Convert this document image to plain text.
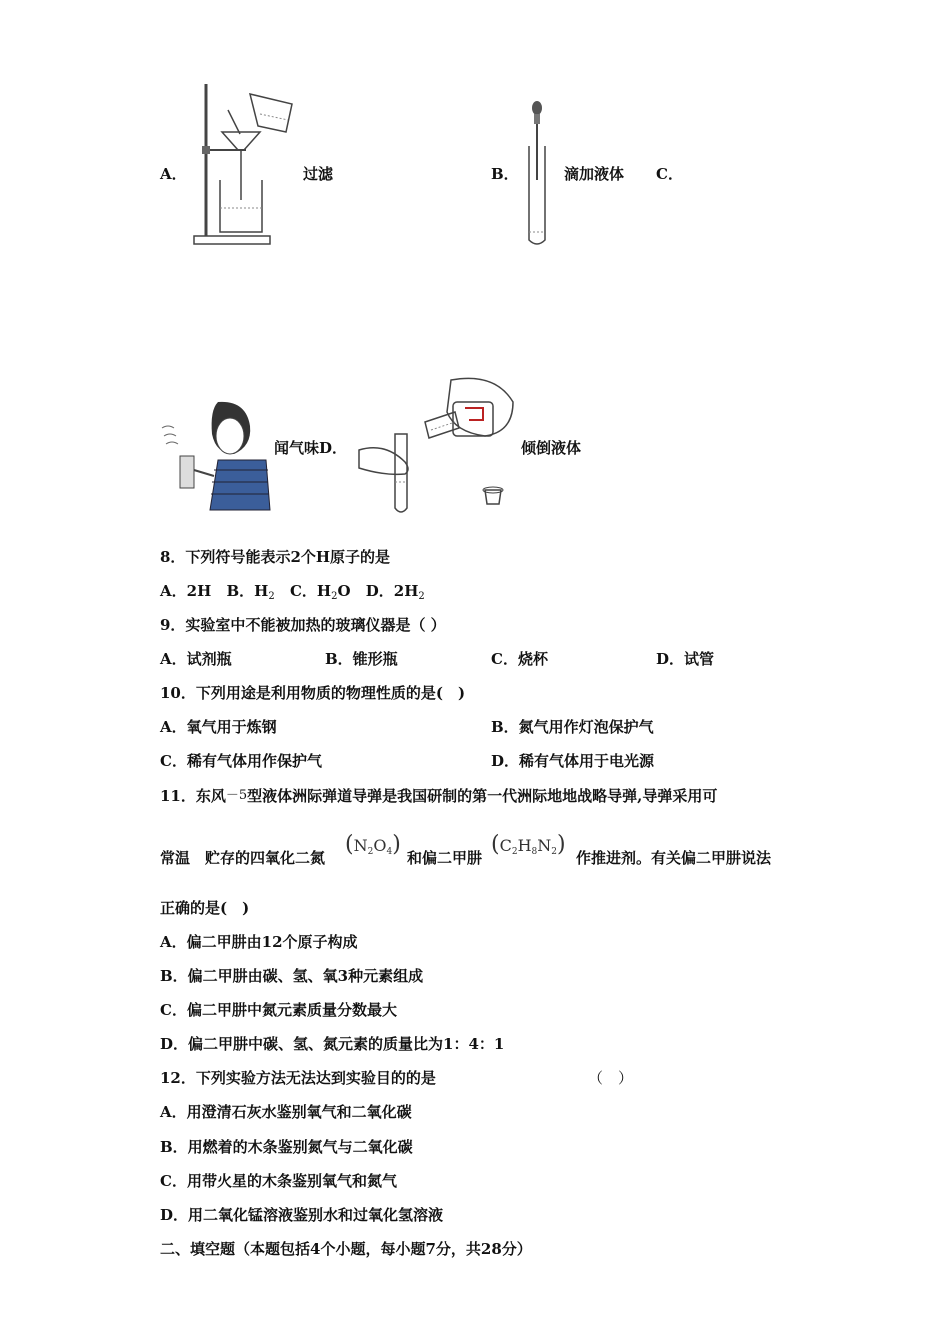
A．	过滤	B．	滴加液体 C．
闻气味D．	倾倒液体
8．下列符号能表示2个H原子的是
A．2H B．$H_2$ C．$H_2O$ D．$2H_2$
9．实验室中不能被加热的玻璃仪器是（ ）
A．试剂瓶	B．锥形瓶	C．烧杯	D．试管
10．下列用途是利用物质的物理性质的是(　)
A．氧气用于炼钢	B．氮气用作灯泡保护气
C．稀有气体用作保护气	D．稀有气体用于电光源
11．东风－5型液体洲际弹道导弹是我国研制的第一代洲际地地战略导弹,导弹采用可
常温　贮存的四氧化二氮
$(N_2O_4)$
和偏二甲肼
$(C_2H_8N_2)$
作推进剂。有关偏二甲肼说法
正确的是(　)
A．偏二甲肼由12个原子构成
B．偏二甲肼由碳、氢、氧3种元素组成
C．偏二甲肼中氮元素质量分数最大
D．偏二甲肼中碳、氢、氮元素的质量比为1：4：1
12．下列实验方法无法达到实验目的的是	（　）
A．用澄清石灰水鉴别氧气和二氧化碳
B．用燃着的木条鉴别氮气与二氧化碳
C．用带火星的木条鉴别氧气和氮气
D．用二氧化锰溶液鉴别水和过氧化氢溶液
二、填空题（本题包括4个小题，每小题7分，共28分）
